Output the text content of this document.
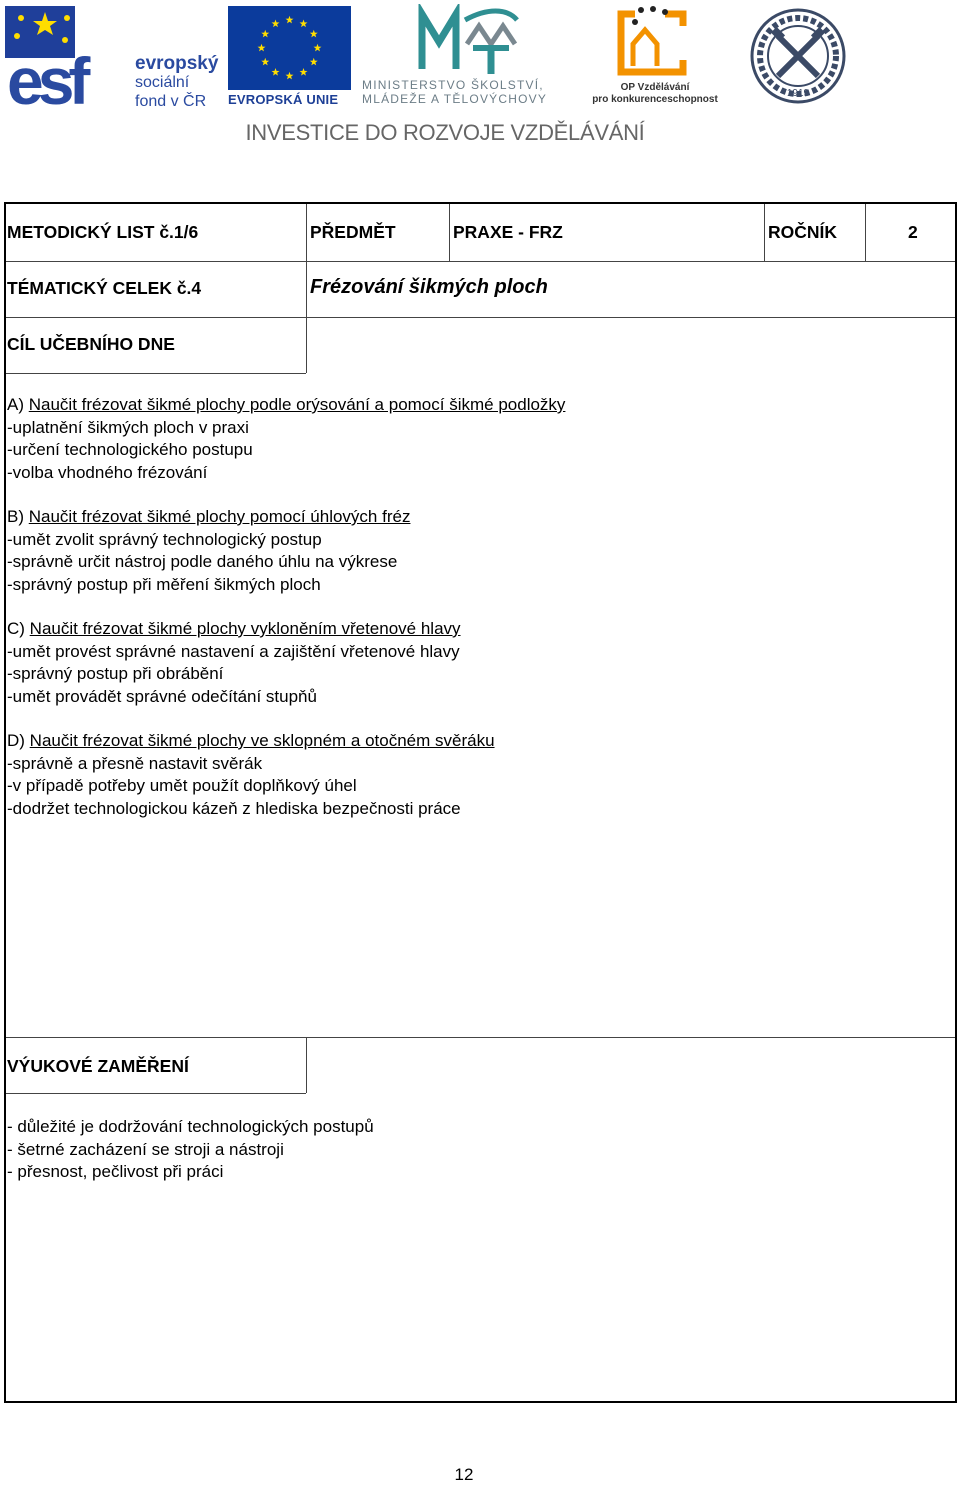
esf	evropský
sociální
fond v ČR	EVROPSKÁ UNIE
MINISTERSTVO ŠKOLSTVÍ,
MLÁDEŽE A TĚLOVÝCHOVY
OP Vzdělávání
pro konkurenceschopnost
1919
INVESTICE DO ROZVOJE VZDĚLÁVÁNÍ
METODICKÝ LIST č.1/6	PŘEDMĚT	PRAXE - FRZ	ROČNÍK	2
TÉMATICKÝ CELEK č.4	Frézování šikmých ploch
CÍL UČEBNÍHO DNE
A) Naučit frézovat šikmé plochy podle orýsování a pomocí šikmé podložky
-uplatnění šikmých ploch v praxi
-určení technologického postupu
-volba vhodného frézování
B) Naučit frézovat šikmé plochy pomocí úhlových fréz
-umět zvolit správný technologický postup
-správně určit nástroj podle daného úhlu na výkrese
-správný postup při měření šikmých ploch
C) Naučit frézovat šikmé plochy vykloněním vřetenové hlavy
-umět provést správné nastavení a zajištění vřetenové hlavy
-správný postup při obrábění
-umět provádět správné odečítání stupňů
D) Naučit frézovat šikmé plochy ve sklopném a otočném svěráku
-správně a přesně nastavit svěrák
-v případě potřeby umět použít doplňkový úhel
-dodržet technologickou kázeň z hlediska bezpečnosti práce
VÝUKOVÉ ZAMĚŘENÍ
- důležité je dodržování technologických postupů
- šetrné zacházení se stroji a nástroji
- přesnost, pečlivost při práci
12
